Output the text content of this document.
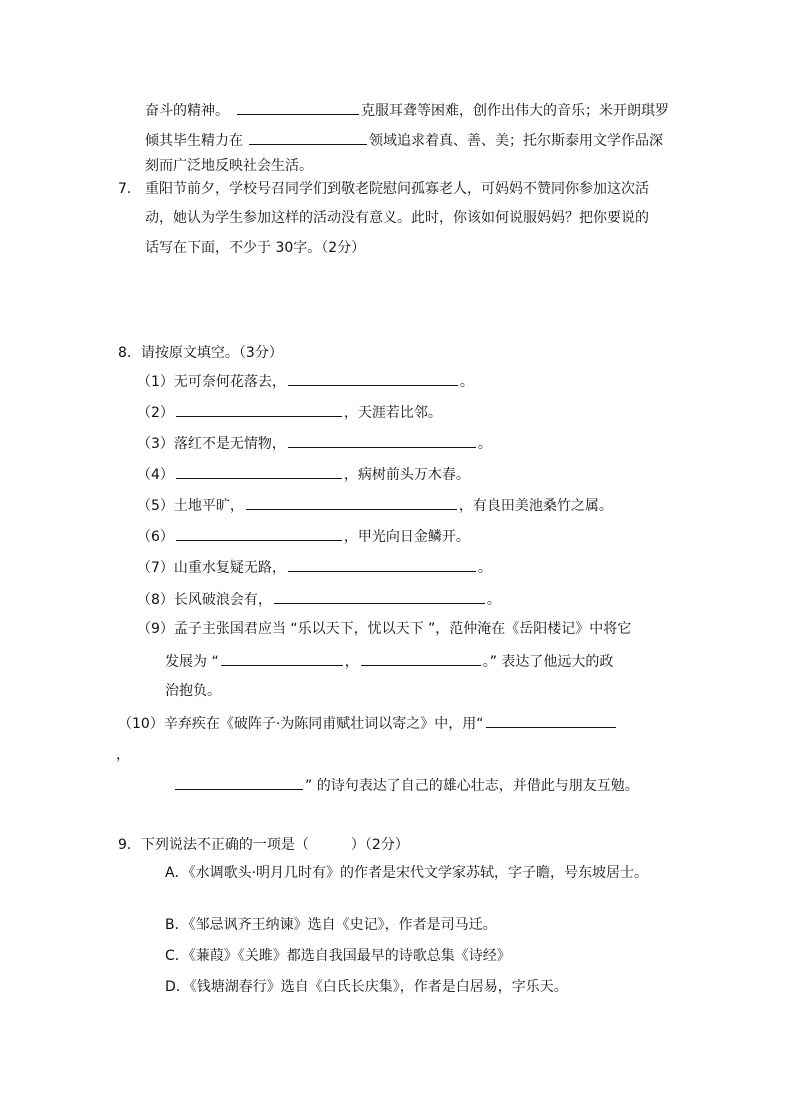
奋斗的精神。	克服耳聋等困难，创作出伟大的音乐；米开朗琪罗
倾其毕生精力在	领域追求着真、善、美；托尔斯泰用文学作品深
刻而广泛地反映社会生活。
7． 重阳节前夕，学校号召同学们到敬老院慰问孤寡老人，可妈妈不赞同你参加这次活
动，她认为学生参加这样的活动没有意义。此时，你该如何说服妈妈？把你要说的
话写在下面，不少于 30字。（2分）
8．请按原文填空。（3分）
（1）无可奈何花落去，	。
（2）	，天涯若比邻。
（3）落红不是无情物，	。
（4）	，病树前头万木春。
（5）土地平旷，	，有良田美池桑竹之属。
（6）	，甲光向日金鳞开。
（7）山重水复疑无路，	。
（8）长风破浪会有，	。
（9）孟子主张国君应当 “乐以天下，忧以天下 ”，范仲淹在《岳阳楼记》中将它
发展为 “	，	。” 表达了他远大的政
治抱负。
（10）辛弃疾在《破阵子·为陈同甫赋壮词以寄之》中，用“
，
” 的诗句表达了自己的雄心壮志，并借此与朋友互勉。
9．下列说法不正确的一项是（　　　）（2分）
A．《水调歌头·明月几时有》的作者是宋代文学家苏轼，字子瞻，号东坡居士。
B．《邹忌讽齐王纳谏》选自《史记》，作者是司马迁。
C．《蒹葭》《关雎》都选自我国最早的诗歌总集《诗经》
D．《钱塘湖春行》选自《白氏长庆集》，作者是白居易，字乐天。
